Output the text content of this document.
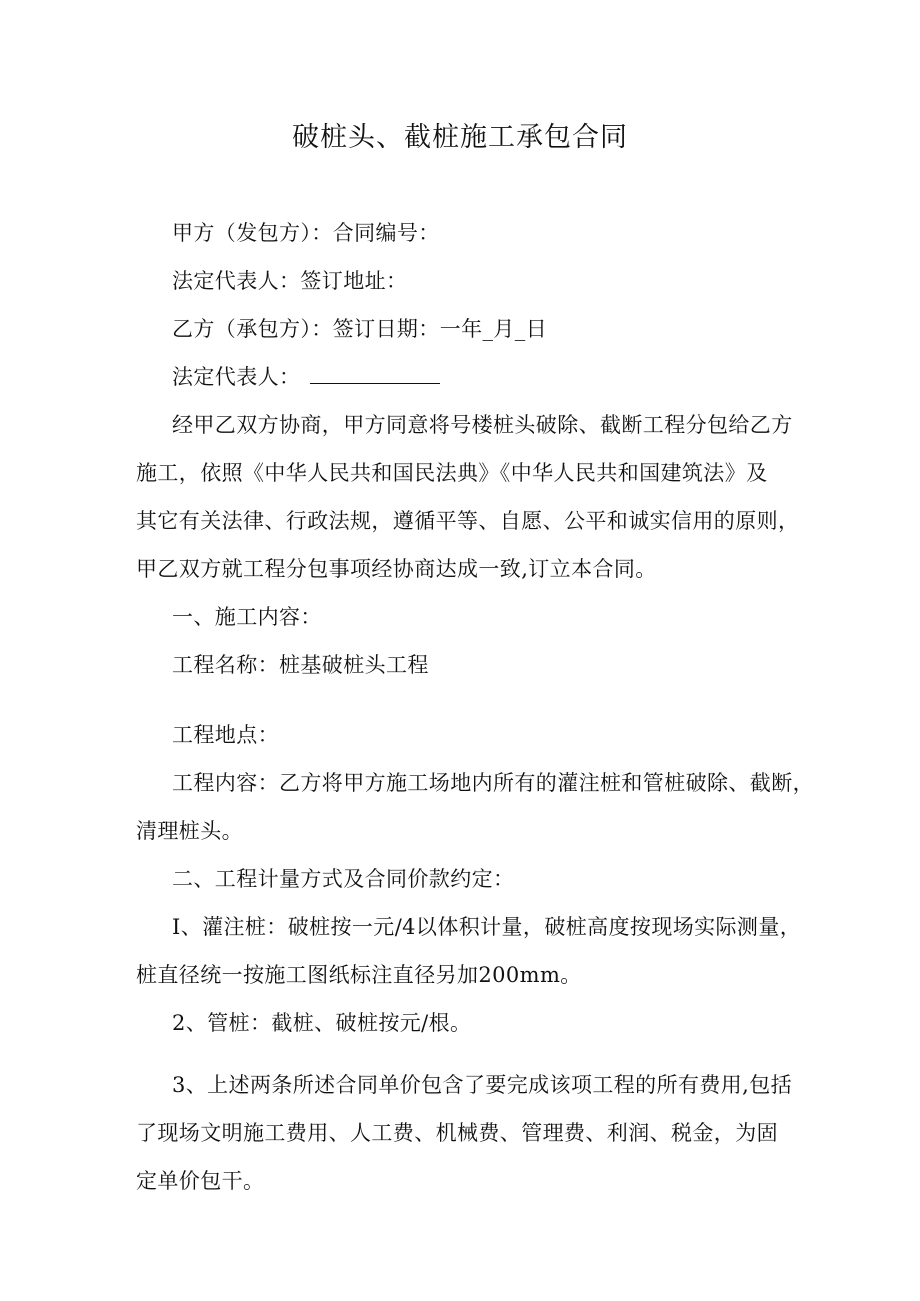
破桩头、截桩施工承包合同
甲方（发包方）：合同编号：
法定代表人：签订地址：
乙方（承包方）：签订日期：一年_月_日
法定代表人：
经甲乙双方协商，甲方同意将号楼桩头破除、截断工程分包给乙方
施工，依照《中华人民共和国民法典》《中华人民共和国建筑法》及
其它有关法律、行政法规，遵循平等、自愿、公平和诚实信用的原则，
甲乙双方就工程分包事项经协商达成一致,订立本合同。
一、施工内容：
工程名称：桩基破桩头工程
工程地点：
工程内容：乙方将甲方施工场地内所有的灌注桩和管桩破除、截断，
清理桩头。
二、工程计量方式及合同价款约定：
I、灌注桩：破桩按一元/4以体积计量，破桩高度按现场实际测量，
桩直径统一按施工图纸标注直径另加200mm。
2、管桩：截桩、破桩按元/根。
3、上述两条所述合同单价包含了要完成该项工程的所有费用,包括
了现场文明施工费用、人工费、机械费、管理费、利润、税金，为固
定单价包干。
